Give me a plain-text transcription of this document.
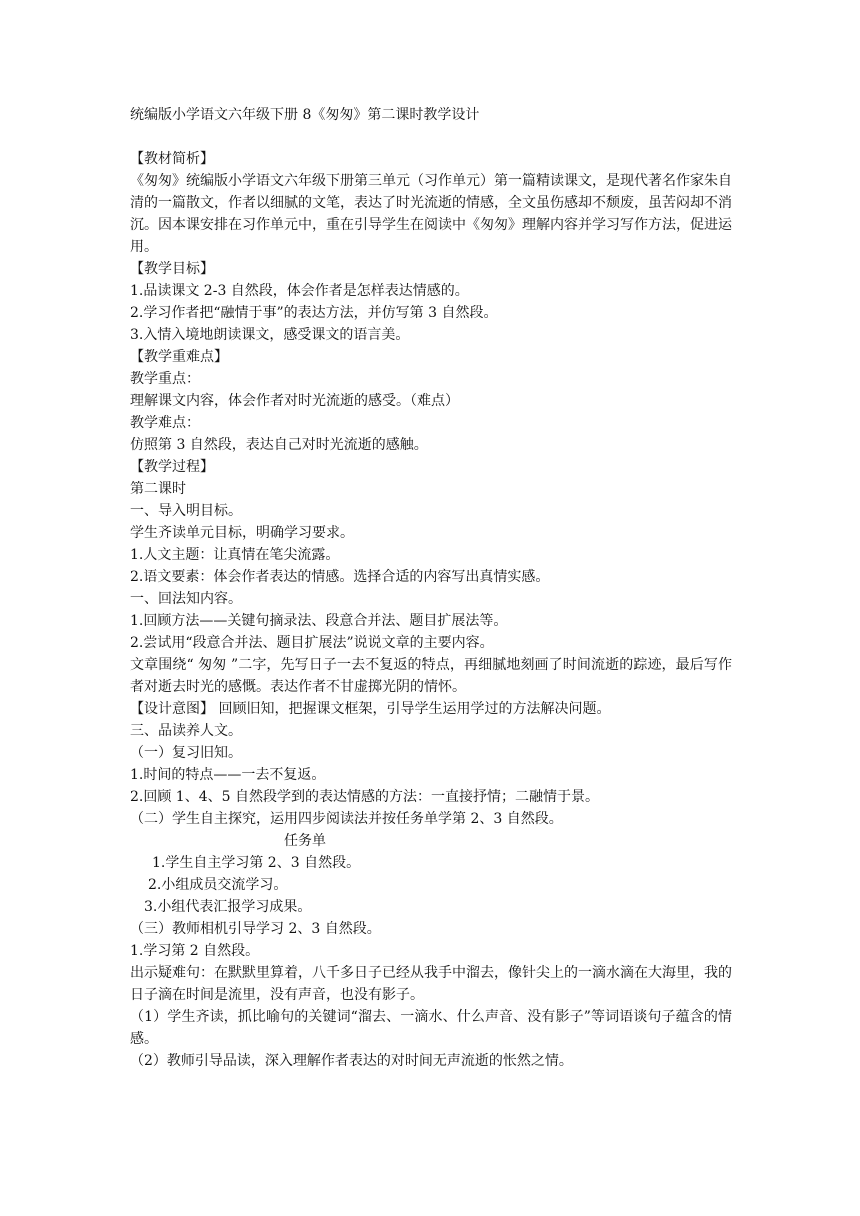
统编版小学语文六年级下册 8《匆匆》第二课时教学设计

【教材简析】

《匆匆》统编版小学语文六年级下册第三单元（习作单元）第一篇精读课文，是现代著名作家朱自清的一篇散文，作者以细腻的文笔，表达了时光流逝的情感，全文虽伤感却不颓废，虽苦闷却不消沉。因本课安排在习作单元中，重在引导学生在阅读中《匆匆》理解内容并学习写作方法，促进运用。

【教学目标】

1.品读课文 2-3 自然段，体会作者是怎样表达情感的。

2.学习作者把“融情于事”的表达方法，并仿写第 3 自然段。

3.入情入境地朗读课文，感受课文的语言美。

【教学重难点】

教学重点：

理解课文内容，体会作者对时光流逝的感受。（难点）

教学难点：

仿照第 3 自然段，表达自己对时光流逝的感触。

【教学过程】

第二课时

一、导入明目标。

学生齐读单元目标，明确学习要求。

1.人文主题：让真情在笔尖流露。

2.语文要素：体会作者表达的情感。选择合适的内容写出真情实感。

一、回法知内容。

1.回顾方法——关键句摘录法、段意合并法、题目扩展法等。

2.尝试用“段意合并法、题目扩展法”说说文章的主要内容。

文章围绕“ 匆匆 ”二字，先写日子一去不复返的特点，再细腻地刻画了时间流逝的踪迹，最后写作者对逝去时光的感慨。表达作者不甘虚掷光阴的情怀。

【设计意图】 回顾旧知，把握课文框架，引导学生运用学过的方法解决问题。

三、品读养人文。

（一）复习旧知。

1.时间的特点——一去不复返。

2.回顾 1、4、5 自然段学到的表达情感的方法：一直接抒情；二融情于景。

（二）学生自主探究，运用四步阅读法并按任务单学第 2、3 自然段。

任务单

1.学生自主学习第 2、3 自然段。

2.小组成员交流学习。

3.小组代表汇报学习成果。

（三）教师相机引导学习 2、3 自然段。

1.学习第 2 自然段。

出示疑难句：在默默里算着，八千多日子已经从我手中溜去，像针尖上的一滴水滴在大海里，我的日子滴在时间是流里，没有声音，也没有影子。

（1）学生齐读，抓比喻句的关键词“溜去、一滴水、什么声音、没有影子”等词语谈句子蕴含的情感。

（2）教师引导品读，深入理解作者表达的对时间无声流逝的怅然之情。
